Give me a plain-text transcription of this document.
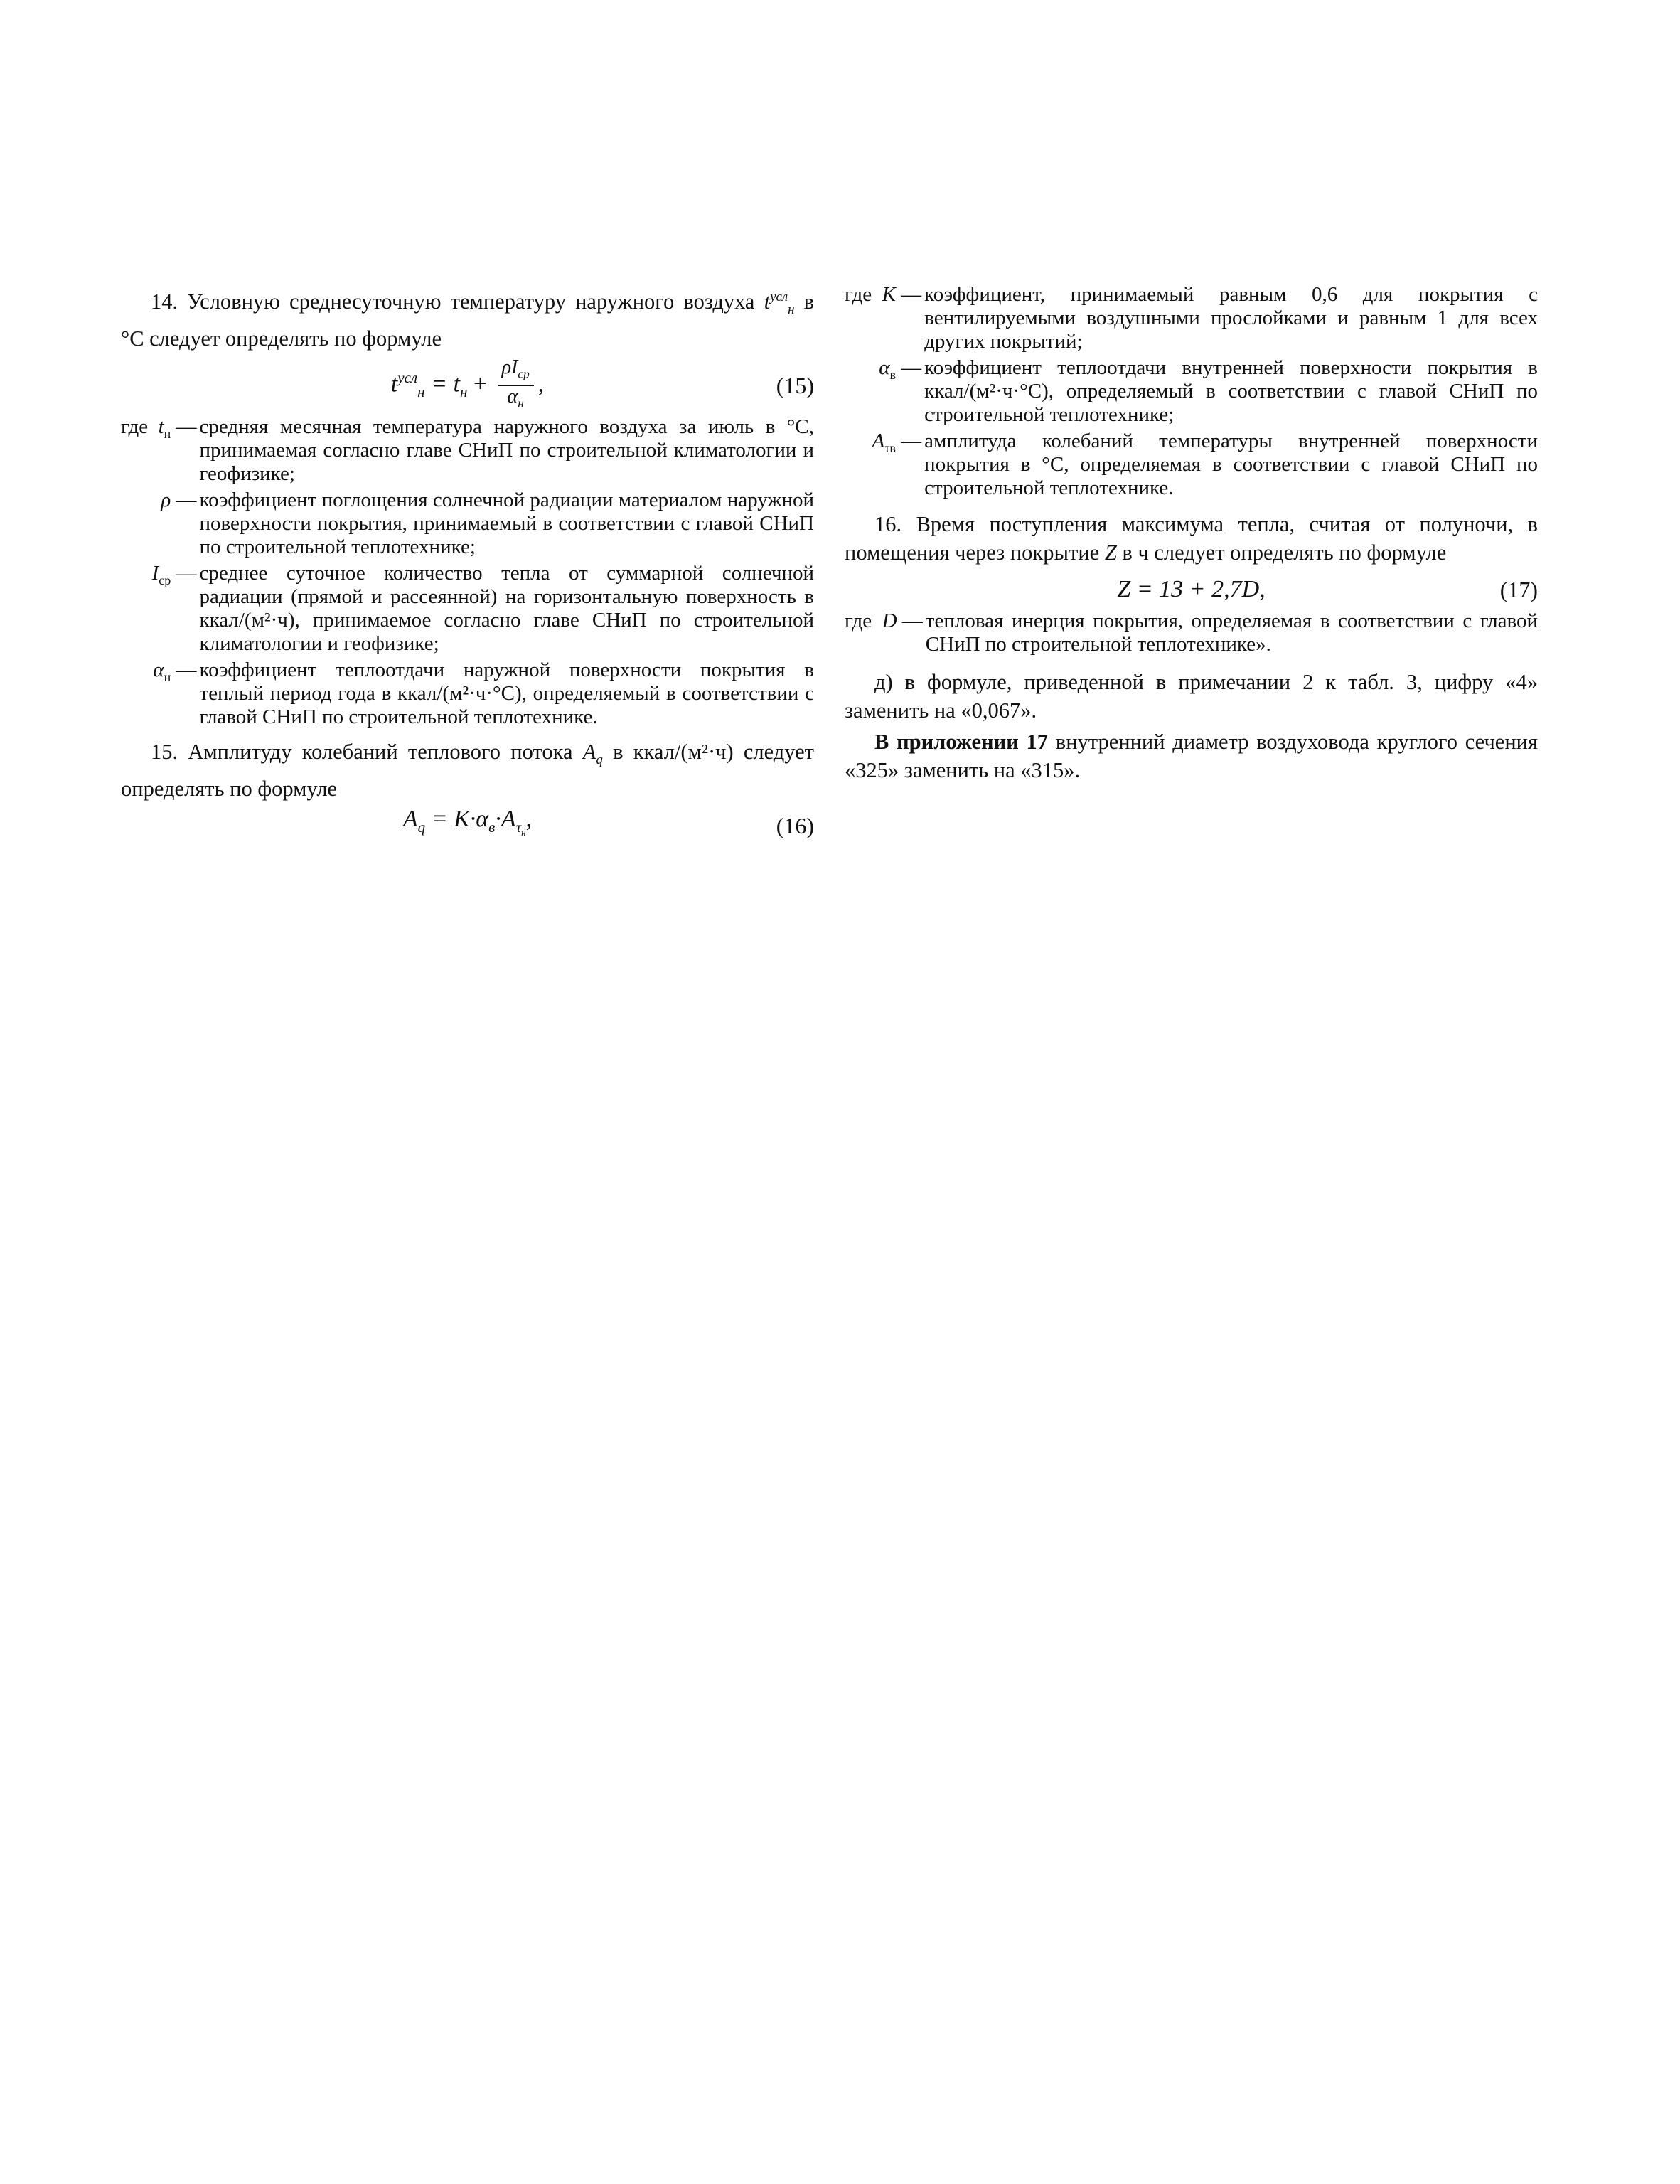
14. Условную среднесуточную температуру наружного воздуха $t^{усл}_н$ в °С следует определять по формуле

$t^{усл}_н = t_н + \frac{\rho I_{ср}}{\alpha_н}$ ,	(15)
где $t_н$ —	средняя месячная температура наружного воздуха за июль в °С, принимаемая согласно главе СНиП по строительной климатологии и геофизике;
ρ —	коэффициент поглощения солнечной радиации материалом наружной поверхности покрытия, принимаемый в соответствии с главой СНиП по строительной теплотехнике;
$I_{ср}$ —	среднее суточное количество тепла от суммарной солнечной радиации (прямой и рассеянной) на горизонтальную поверхность в ккал/(м²·ч), принимаемое согласно главе СНиП по строительной климатологии и геофизике;
$\alpha_н$ —	коэффициент теплоотдачи наружной поверхности покрытия в теплый период года в ккал/(м²·ч·°С), определяемый в соответствии с главой СНиП по строительной теплотехнике.

15. Амплитуду колебаний теплового потока $A_q$ в ккал/(м²·ч) следует определять по формуле

$A_q = K\cdot\alpha_в\cdot A_{\tau_н}$,	(16)
где K —	коэффициент, принимаемый равным 0,6 для покрытия с вентилируемыми воздушными прослойками и равным 1 для всех других покрытий;
$\alpha_в$ —	коэффициент теплоотдачи внутренней поверхности покрытия в ккал/(м²·ч·°С), определяемый в соответствии с главой СНиП по строительной теплотехнике;
$A_{\tau в}$ —	амплитуда колебаний температуры внутренней поверхности покрытия в °С, определяемая в соответствии с главой СНиП по строительной теплотехнике.

16. Время поступления максимума тепла, считая от полуночи, в помещения через покрытие Z в ч следует определять по формуле

Z = 13 + 2,7D,	(17)
где D —	тепловая инерция покрытия, определяемая в соответствии с главой СНиП по строительной теплотехнике».

д) в формуле, приведенной в примечании 2 к табл. 3, цифру «4» заменить на «0,067».

В приложении 17 внутренний диаметр воздуховода круглого сечения «325» заменить на «315».
